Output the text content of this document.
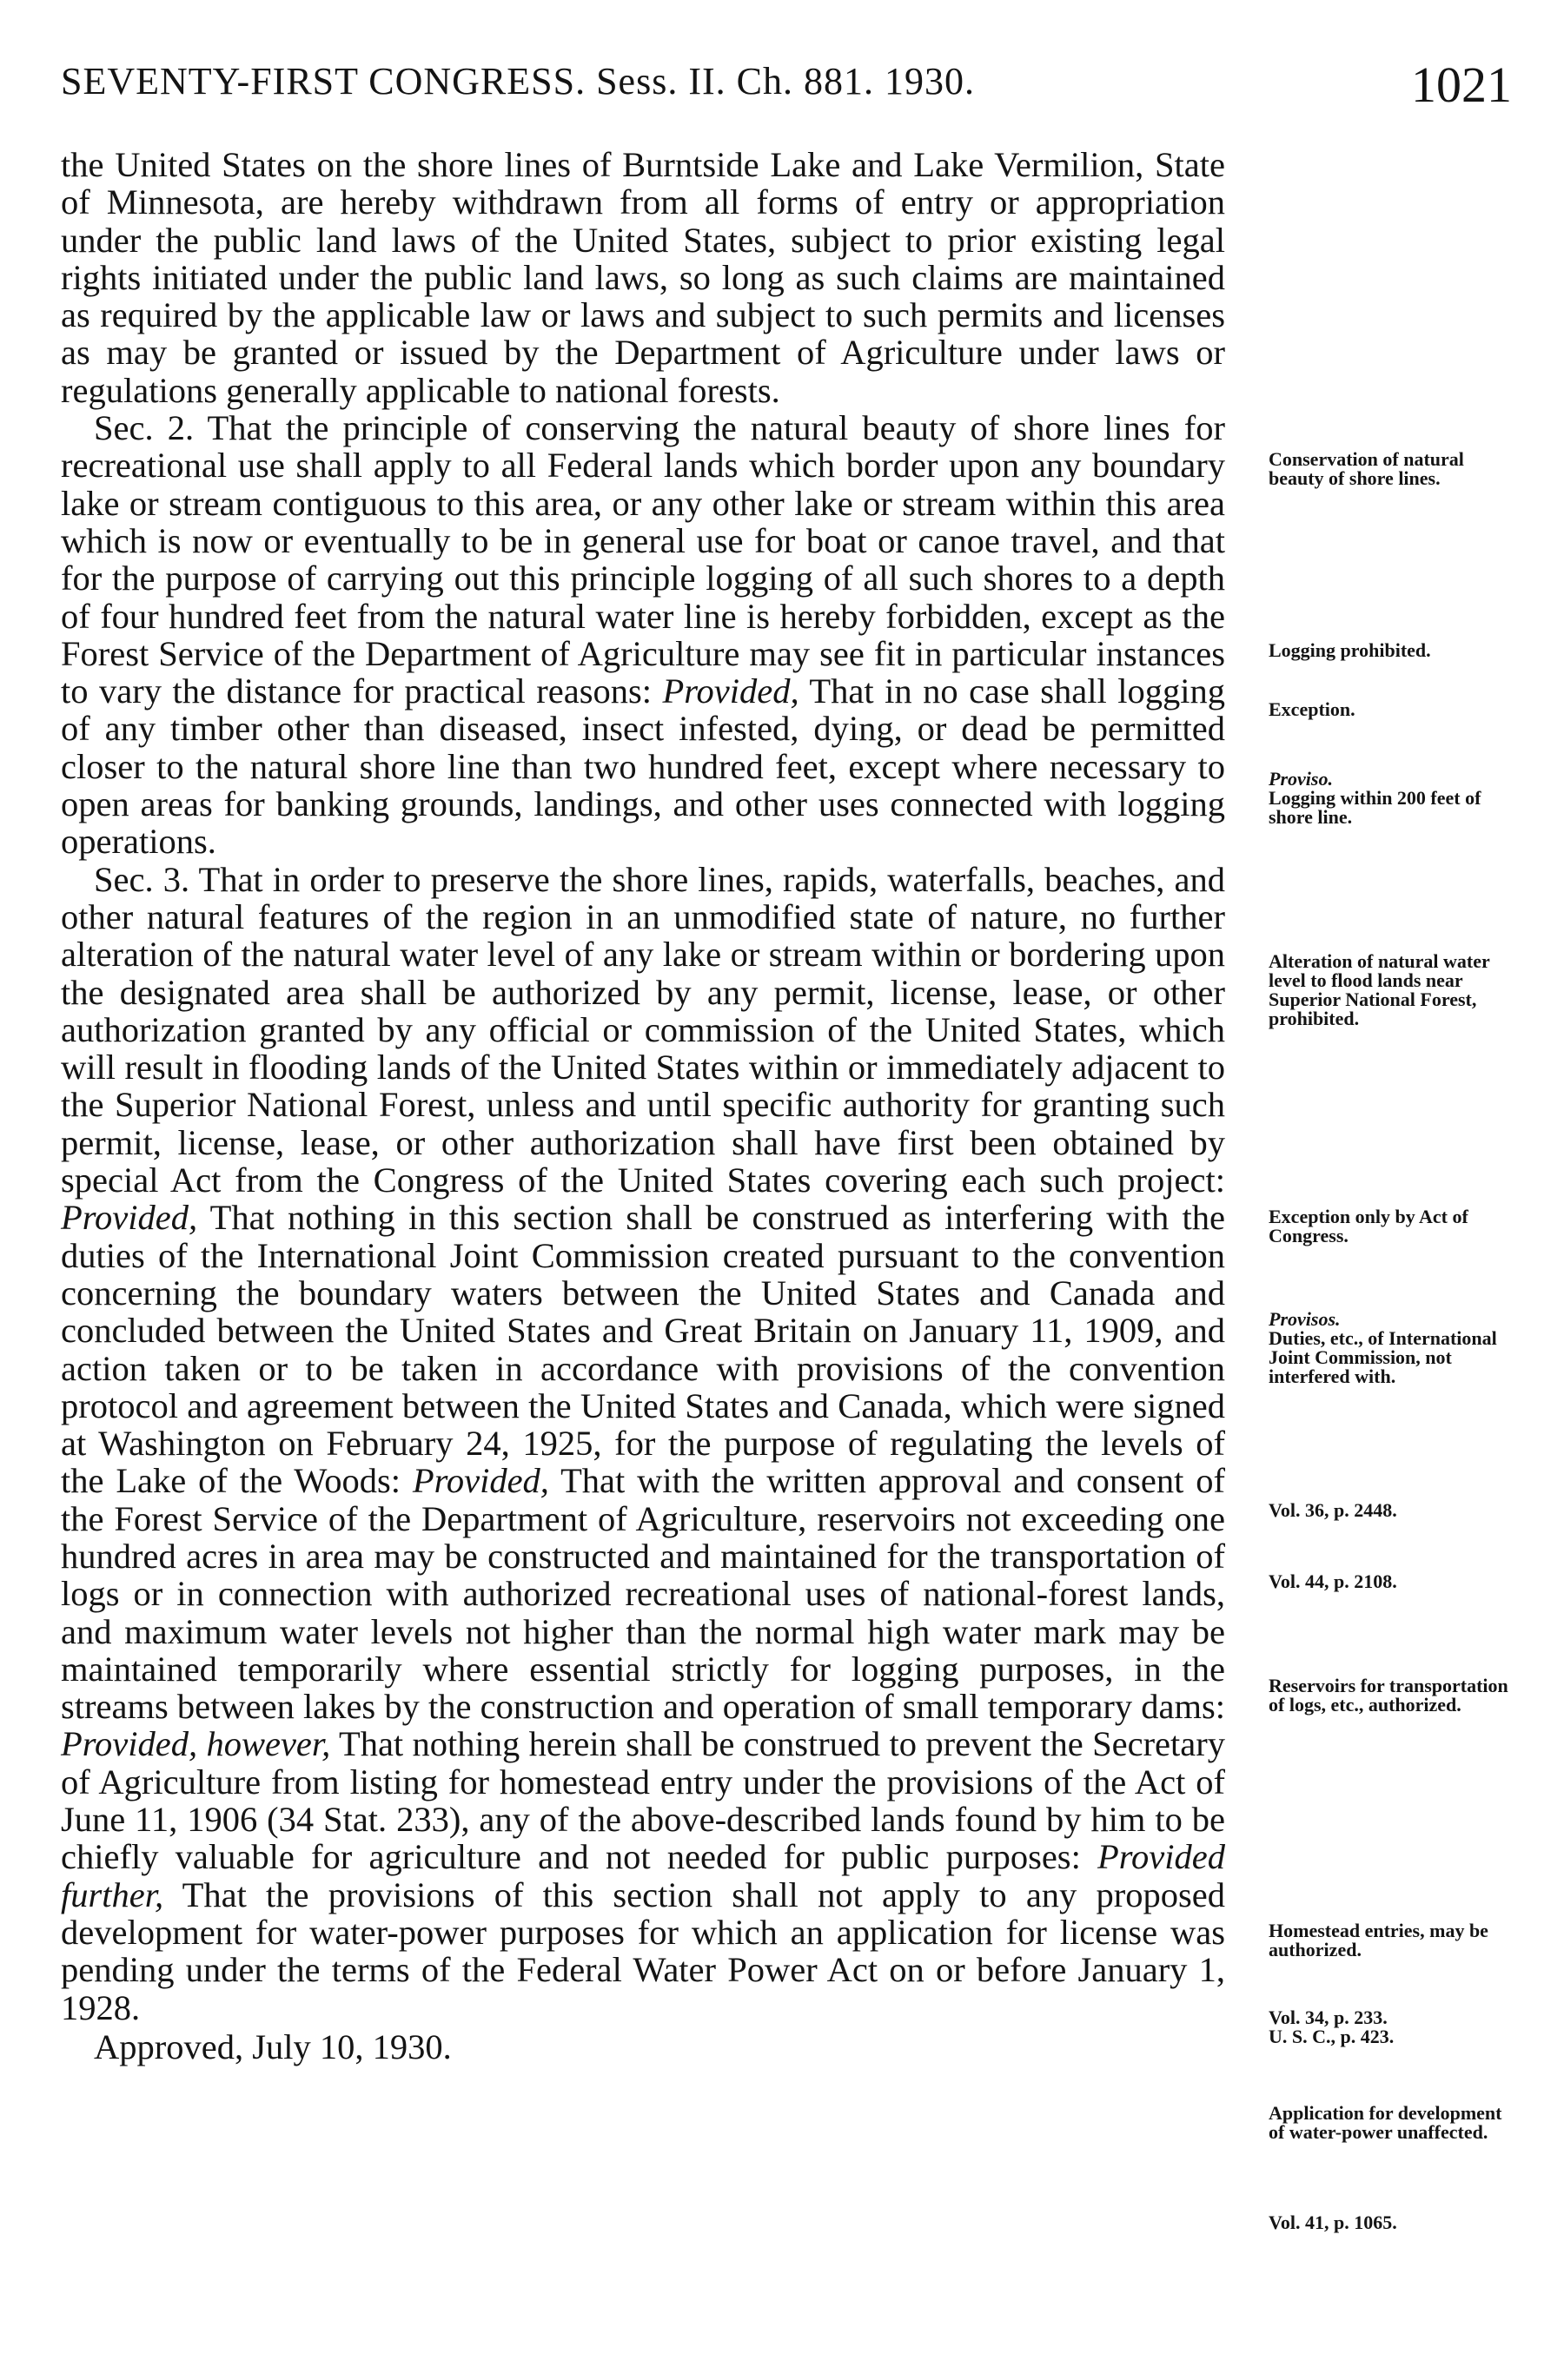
SEVENTY-FIRST CONGRESS. Sess. II. Ch. 881. 1930.	1021

the United States on the shore lines of Burntside Lake and Lake Vermilion, State of Minnesota, are hereby withdrawn from all forms of entry or appropriation under the public land laws of the United States, subject to prior existing legal rights initiated under the public land laws, so long as such claims are maintained as required by the applicable law or laws and subject to such permits and licenses as may be granted or issued by the Department of Agriculture under laws or regulations generally applicable to national forests.

Sec. 2. That the principle of conserving the natural beauty of shore lines for recreational use shall apply to all Federal lands which border upon any boundary lake or stream contiguous to this area, or any other lake or stream within this area which is now or eventually to be in general use for boat or canoe travel, and that for the purpose of carrying out this principle logging of all such shores to a depth of four hundred feet from the natural water line is hereby forbidden, except as the Forest Service of the Department of Agriculture may see fit in particular instances to vary the distance for practical reasons: Provided, That in no case shall logging of any timber other than diseased, insect infested, dying, or dead be permitted closer to the natural shore line than two hundred feet, except where necessary to open areas for banking grounds, landings, and other uses connected with logging operations.

Sec. 3. That in order to preserve the shore lines, rapids, waterfalls, beaches, and other natural features of the region in an unmodified state of nature, no further alteration of the natural water level of any lake or stream within or bordering upon the designated area shall be authorized by any permit, license, lease, or other authorization granted by any official or commission of the United States, which will result in flooding lands of the United States within or immediately adjacent to the Superior National Forest, unless and until specific authority for granting such permit, license, lease, or other authorization shall have first been obtained by special Act from the Congress of the United States covering each such project: Provided, That nothing in this section shall be construed as interfering with the duties of the International Joint Commission created pursuant to the convention concerning the boundary waters between the United States and Canada and concluded between the United States and Great Britain on January 11, 1909, and action taken or to be taken in accordance with provisions of the convention protocol and agreement between the United States and Canada, which were signed at Washington on February 24, 1925, for the purpose of regulating the levels of the Lake of the Woods: Provided, That with the written approval and consent of the Forest Service of the Department of Agriculture, reservoirs not exceeding one hundred acres in area may be constructed and maintained for the transportation of logs or in connection with authorized recreational uses of national-forest lands, and maximum water levels not higher than the normal high water mark may be maintained temporarily where essential strictly for logging purposes, in the streams between lakes by the construction and operation of small temporary dams: Provided, however, That nothing herein shall be construed to prevent the Secretary of Agriculture from listing for homestead entry under the provisions of the Act of June 11, 1906 (34 Stat. 233), any of the above-described lands found by him to be chiefly valuable for agriculture and not needed for public purposes: Provided further, That the provisions of this section shall not apply to any proposed development for water-power purposes for which an application for license was pending under the terms of the Federal Water Power Act on or before January 1, 1928.

Approved, July 10, 1930.

Conservation of natural beauty of shore lines.
Logging prohibited.
Exception.
Proviso.
Logging within 200 feet of shore line.
Alteration of natural water level to flood lands near Superior National Forest, prohibited.
Exception only by Act of Congress.
Provisos.
Duties, etc., of International Joint Commission, not interfered with.
Vol. 36, p. 2448.
Vol. 44, p. 2108.
Reservoirs for transportation of logs, etc., authorized.
Homestead entries, may be authorized.
Vol. 34, p. 233.
U. S. C., p. 423.
Application for development of water-power unaffected.
Vol. 41, p. 1065.
